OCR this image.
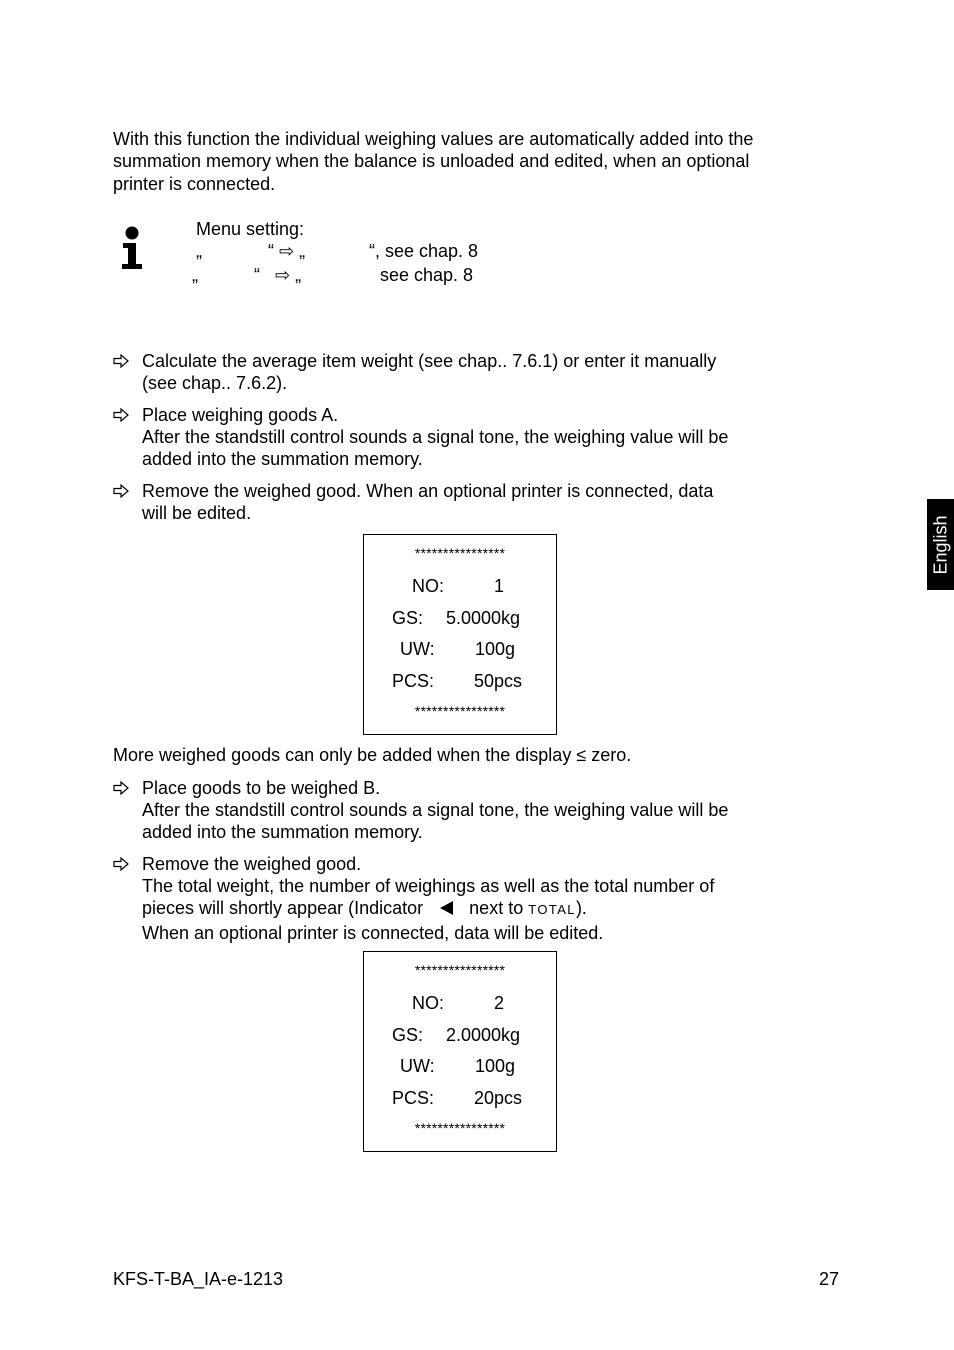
With this function the individual weighing values are automatically added into the
summation memory when the balance is unloaded and edited, when an optional
printer is connected.
Menu setting:
„	“ ⇨ „	“, see chap. 8
„	“ ⇨ „	see chap. 8
Calculate the average item weight (see chap.. 7.6.1) or enter it manually
(see chap.. 7.6.2).
Place weighing goods A.
After the standstill control sounds a signal tone, the weighing value will be
added into the summation memory.
Remove the weighed good. When an optional printer is connected, data
will be edited.
****************
NO:	1
GS: 5.0000kg
UW: 100g
PCS: 50pcs
****************
More weighed goods can only be added when the display ≤ zero.
Place goods to be weighed B.
After the standstill control sounds a signal tone, the weighing value will be
added into the summation memory.
Remove the weighed good.
The total weight, the number of weighings as well as the total number of
pieces will shortly appear (Indicator	next to TOTAL).
When an optional printer is connected, data will be edited.
****************
NO:	2
GS: 2.0000kg
UW: 100g
PCS: 20pcs
****************
English
KFS-T-BA_IA-e-1213	27
